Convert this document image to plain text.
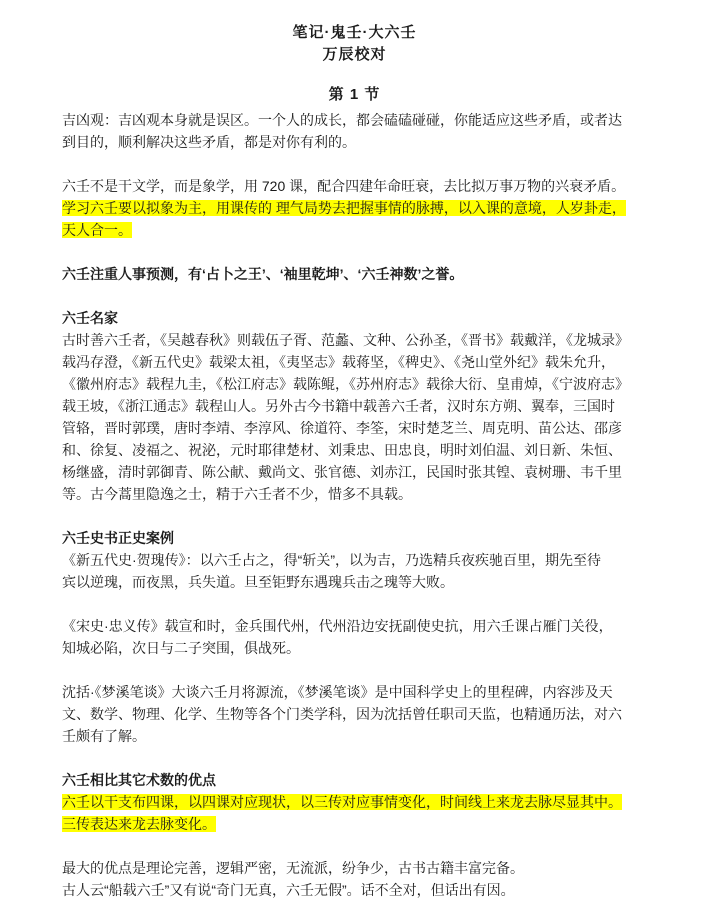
笔记·鬼壬·大六壬
万辰校对
第 1 节
吉凶观：吉凶观本身就是误区。一个人的成长，都会磕磕碰碰，你能适应这些矛盾，或者达
到目的，顺利解决这些矛盾，都是对你有利的。
六壬不是干文学，而是象学，用 720 课，配合四建年命旺衰，去比拟万事万物的兴衰矛盾。
学习六壬要以拟象为主，用课传的 理气局势去把握事情的脉搏，以入课的意境，人岁卦走，
天人合一。
六壬注重人事预测，有‘占卜之王’、‘袖里乾坤’、‘六壬神数’之誉。
六壬名家
古时善六壬者，《吴越春秋》则载伍子胥、范蠡、文种、公孙圣，《晋书》载戴洋，《龙城录》
载冯存澄，《新五代史》载梁太祖，《夷坚志》载蒋坚，《稗史》、《尧山堂外纪》载朱允升，
《徽州府志》载程九圭，《松江府志》载陈鲲，《苏州府志》载徐大衍、皇甫焯，《宁波府志》
载王坡，《浙江通志》载程山人。另外古今书籍中载善六壬者，汉时东方朔、翼奉，三国时
管辂，晋时郭璞，唐时李靖、李淳风、徐道符、李筌，宋时楚芝兰、周克明、苗公达、邵彦
和、徐复、凌福之、祝泌，元时耶律楚材、刘秉忠、田忠良，明时刘伯温、刘日新、朱恒、
杨继盛，清时郭御青、陈公献、戴尚文、张官德、刘赤江，民国时张其锽、袁树珊、韦千里
等。古今蒿里隐逸之士，精于六壬者不少，惜多不具载。
六壬史书正史案例
《新五代史·贺瑰传》：以六壬占之，得“斩关”，以为吉，乃选精兵夜疾驰百里，期先至待
宾以逆瑰，而夜黑，兵失道。旦至钜野东遇瑰兵击之瑰等大败。
《宋史·忠义传》载宣和时，金兵围代州，代州沿边安抚副使史抗，用六壬课占雁门关役，
知城必陷，次日与二子突围，俱战死。
沈括·《梦溪笔谈》大谈六壬月将源流，《梦溪笔谈》是中国科学史上的里程碑，内容涉及天
文、数学、物理、化学、生物等各个门类学科，因为沈括曾任职司天监，也精通历法，对六
壬颇有了解。
六壬相比其它术数的优点
六壬以干支布四课，以四课对应现状，以三传对应事情变化，时间线上来龙去脉尽显其中。
三传表达来龙去脉变化。
最大的优点是理论完善，逻辑严密，无流派，纷争少，古书古籍丰富完备。
古人云“船载六壬”又有说“奇门无真，六壬无假”。话不全对，但话出有因。
